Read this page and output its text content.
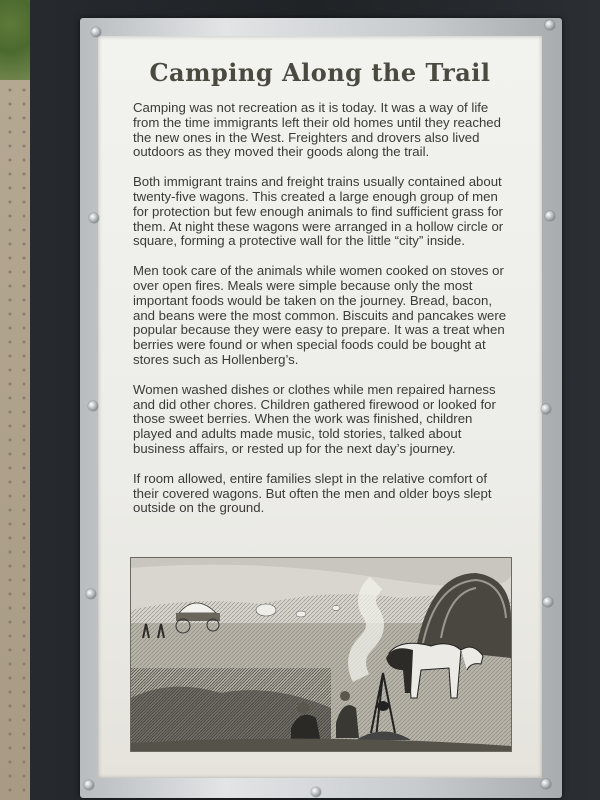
Camping Along the Trail

Camping was not recreation as it is today. It was a way of life from the time immigrants left their old homes until they reached the new ones in the West. Freighters and drovers also lived outdoors as they moved their goods along the trail.

Both immigrant trains and freight trains usually contained about twenty-five wagons. This created a large enough group of men for protection but few enough animals to find sufficient grass for them. At night these wagons were arranged in a hollow circle or square, forming a protective wall for the little “city” inside.

Men took care of the animals while women cooked on stoves or over open fires. Meals were simple because only the most important foods would be taken on the journey. Bread, bacon, and beans were the most common. Biscuits and pancakes were popular because they were easy to prepare. It was a treat when berries were found or when special foods could be bought at stores such as Hollenberg’s.

Women washed dishes or clothes while men repaired harness and did other chores. Children gathered firewood or looked for those sweet berries. When the work was finished, children played and adults made music, told stories, talked about business affairs, or rested up for the next day’s journey.

If room allowed, entire families slept in the relative comfort of their covered wagons. But often the men and older boys slept outside on the ground.
